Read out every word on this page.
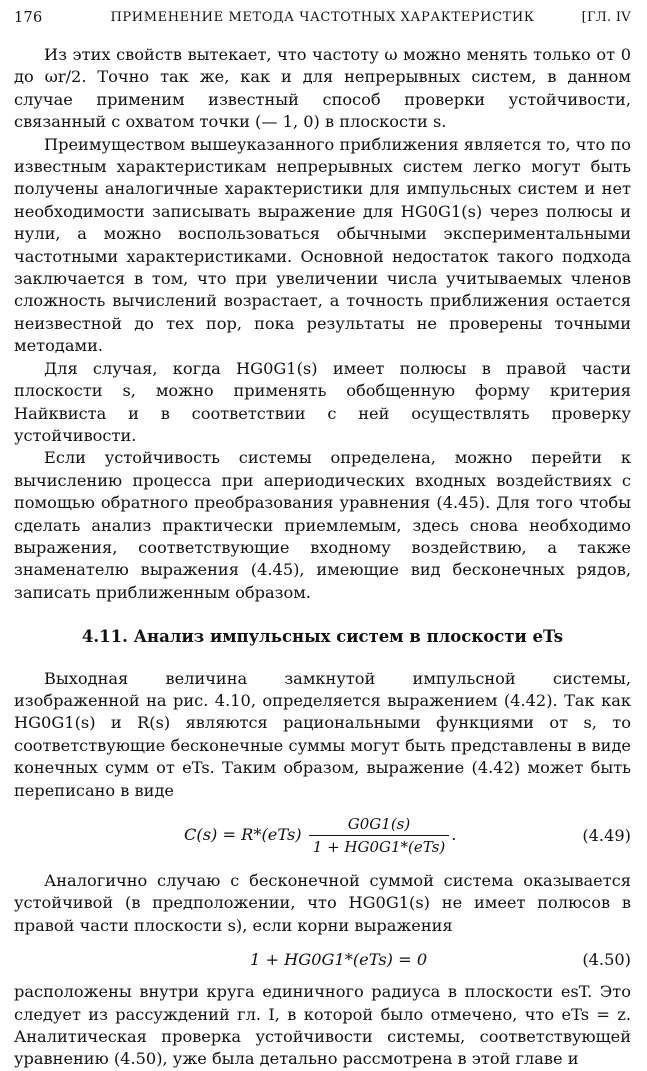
176	ПРИМЕНЕНИЕ МЕТОДА ЧАСТОТНЫХ ХАРАКТЕРИСТИК	[ГЛ. IV

Из этих свойств вытекает, что частоту ω можно менять только от 0 до ωr/2. Точно так же, как и для непрерывных систем, в данном случае применим известный способ проверки устойчивости, связанный с охватом точки (— 1, 0) в плоскости s.

Преимуществом вышеуказанного приближения является то, что по известным характеристикам непрерывных систем легко могут быть получены аналогичные характеристики для импульсных систем и нет необходимости записывать выражение для HG0G1(s) через полюсы и нули, а можно воспользоваться обычными экспериментальными частотными характеристиками. Основной недостаток такого подхода заключается в том, что при увеличении числа учитываемых членов сложность вычислений возрастает, а точность приближения остается неизвестной до тех пор, пока результаты не проверены точными методами.

Для случая, когда HG0G1(s) имеет полюсы в правой части плоскости s, можно применять обобщенную форму критерия Найквиста и в соответствии с ней осуществлять проверку устойчивости.

Если устойчивость системы определена, можно перейти к вычислению процесса при апериодических входных воздействиях с помощью обратного преобразования уравнения (4.45). Для того чтобы сделать анализ практически приемлемым, здесь снова необходимо выражения, соответствующие входному воздействию, а также знаменателю выражения (4.45), имеющие вид бесконечных рядов, записать приближенным образом.

4.11. Анализ импульсных систем в плоскости eTs

Выходная величина замкнутой импульсной системы, изображенной на рис. 4.10, определяется выражением (4.42). Так как HG0G1(s) и R(s) являются рациональными функциями от s, то соответствующие бесконечные суммы могут быть представлены в виде конечных сумм от eTs. Таким образом, выражение (4.42) может быть переписано в виде

$C(s) = R*(eTs) \frac{G0G1(s)}{\text{1 + HG0G1*(eTs)}}$ .	(4.49)

Аналогично случаю с бесконечной суммой система оказывается устойчивой (в предположении, что HG0G1(s) не имеет полюсов в правой части плоскости s), если корни выражения

1 + HG0G1*(eTs) = 0	(4.50)

расположены внутри круга единичного радиуса в плоскости esT. Это следует из рассуждений гл. I, в которой было отмечено, что eTs = z. Аналитическая проверка устойчивости системы, соответствующей уравнению (4.50), уже была детально рассмотрена в этой главе и
